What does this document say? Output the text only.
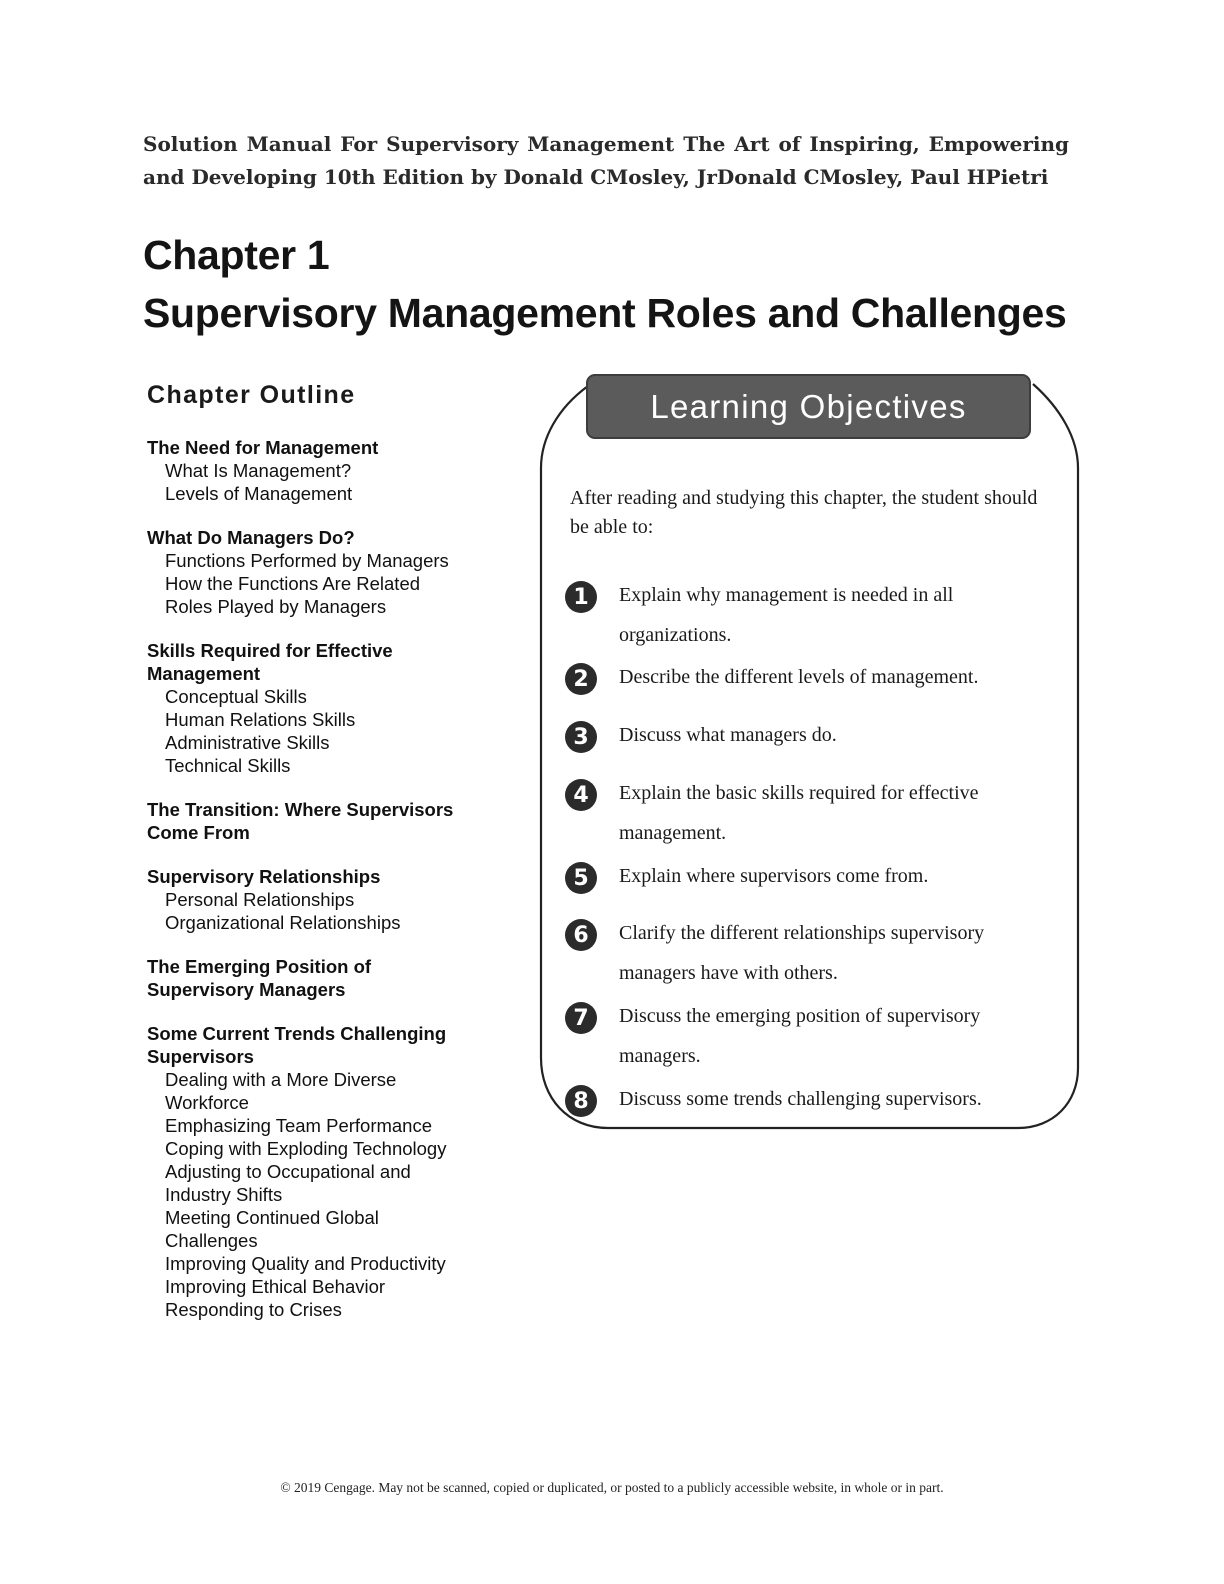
Solution Manual For Supervisory Management The Art of Inspiring, Empowering and Developing 10th Edition by Donald CMosley, JrDonald CMosley, Paul HPietri
Chapter 1
Supervisory Management Roles and Challenges
Chapter Outline
The Need for Management
What Is Management?
Levels of Management
What Do Managers Do?
Functions Performed by Managers
How the Functions Are Related
Roles Played by Managers
Skills Required for Effective Management
Conceptual Skills
Human Relations Skills
Administrative Skills
Technical Skills
The Transition: Where Supervisors Come From
Supervisory Relationships
Personal Relationships
Organizational Relationships
The Emerging Position of Supervisory Managers
Some Current Trends Challenging Supervisors
Dealing with a More Diverse Workforce
Emphasizing Team Performance
Coping with Exploding Technology
Adjusting to Occupational and Industry Shifts
Meeting Continued Global Challenges
Improving Quality and Productivity
Improving Ethical Behavior
Responding to Crises
Learning Objectives
After reading and studying this chapter, the student should be able to:
1	Explain why management is needed in all organizations.
2	Describe the different levels of management.
3	Discuss what managers do.
4	Explain the basic skills required for effective management.
5	Explain where supervisors come from.
6	Clarify the different relationships supervisory managers have with others.
7	Discuss the emerging position of supervisory managers.
8	Discuss some trends challenging supervisors.
© 2019 Cengage. May not be scanned, copied or duplicated, or posted to a publicly accessible website, in whole or in part.
